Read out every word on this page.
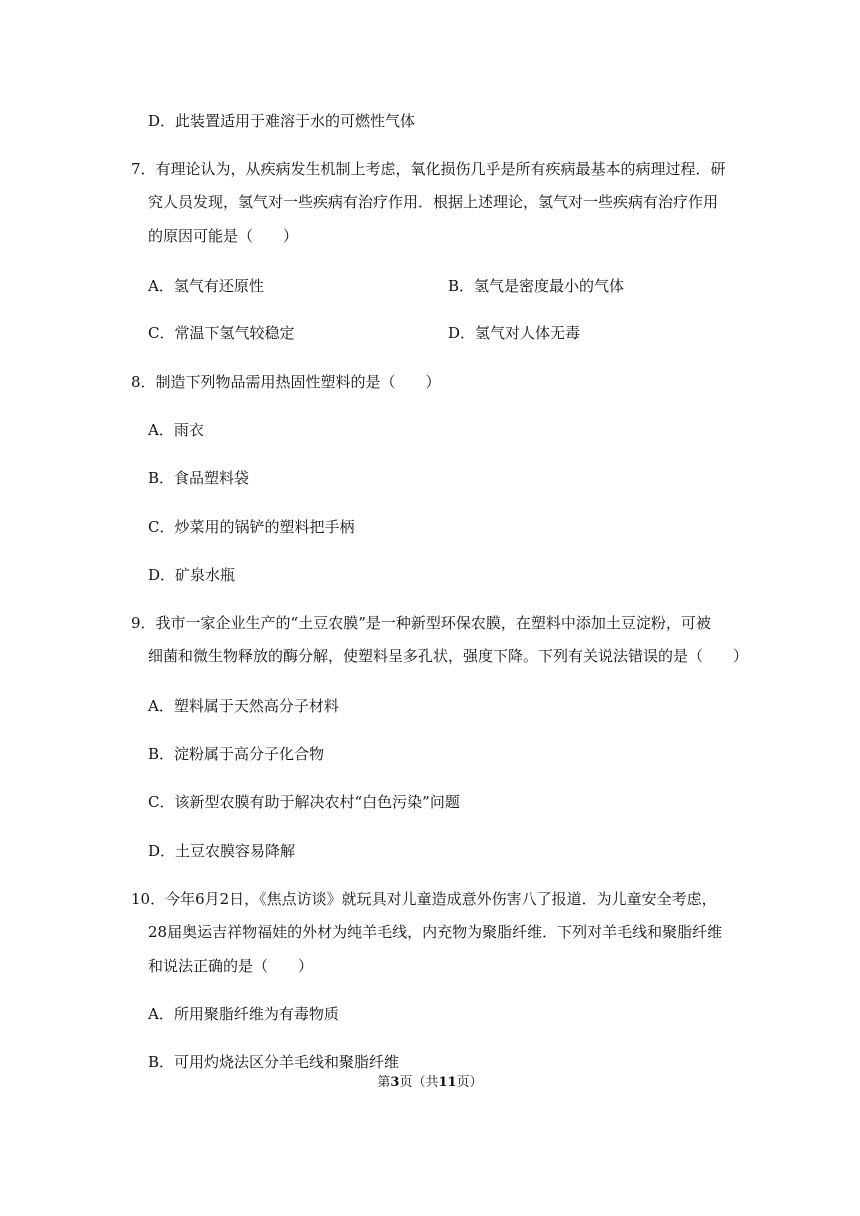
D．此装置适用于难溶于水的可燃性气体
7．有理论认为，从疾病发生机制上考虑，氧化损伤几乎是所有疾病最基本的病理过程．研
究人员发现，氢气对一些疾病有治疗作用．根据上述理论，氢气对一些疾病有治疗作用
的原因可能是（　　）
A．氢气有还原性	B．氢气是密度最小的气体
C．常温下氢气较稳定	D．氢气对人体无毒
8．制造下列物品需用热固性塑料的是（　　）
A．雨衣
B．食品塑料袋
C．炒菜用的锅铲的塑料把手柄
D．矿泉水瓶
9．我市一家企业生产的“土豆农膜”是一种新型环保农膜，在塑料中添加土豆淀粉，可被
细菌和微生物释放的酶分解，使塑料呈多孔状，强度下降。下列有关说法错误的是（　　）
A．塑料属于天然高分子材料
B．淀粉属于高分子化合物
C．该新型农膜有助于解决农村“白色污染”问题
D．土豆农膜容易降解
10．今年6月2日，《焦点访谈》就玩具对儿童造成意外伤害八了报道．为儿童安全考虑，
28届奥运吉祥物福娃的外材为纯羊毛线，内充物为聚脂纤维．下列对羊毛线和聚脂纤维
和说法正确的是（　　）
A．所用聚脂纤维为有毒物质
B．可用灼烧法区分羊毛线和聚脂纤维
第3页（共11页）
